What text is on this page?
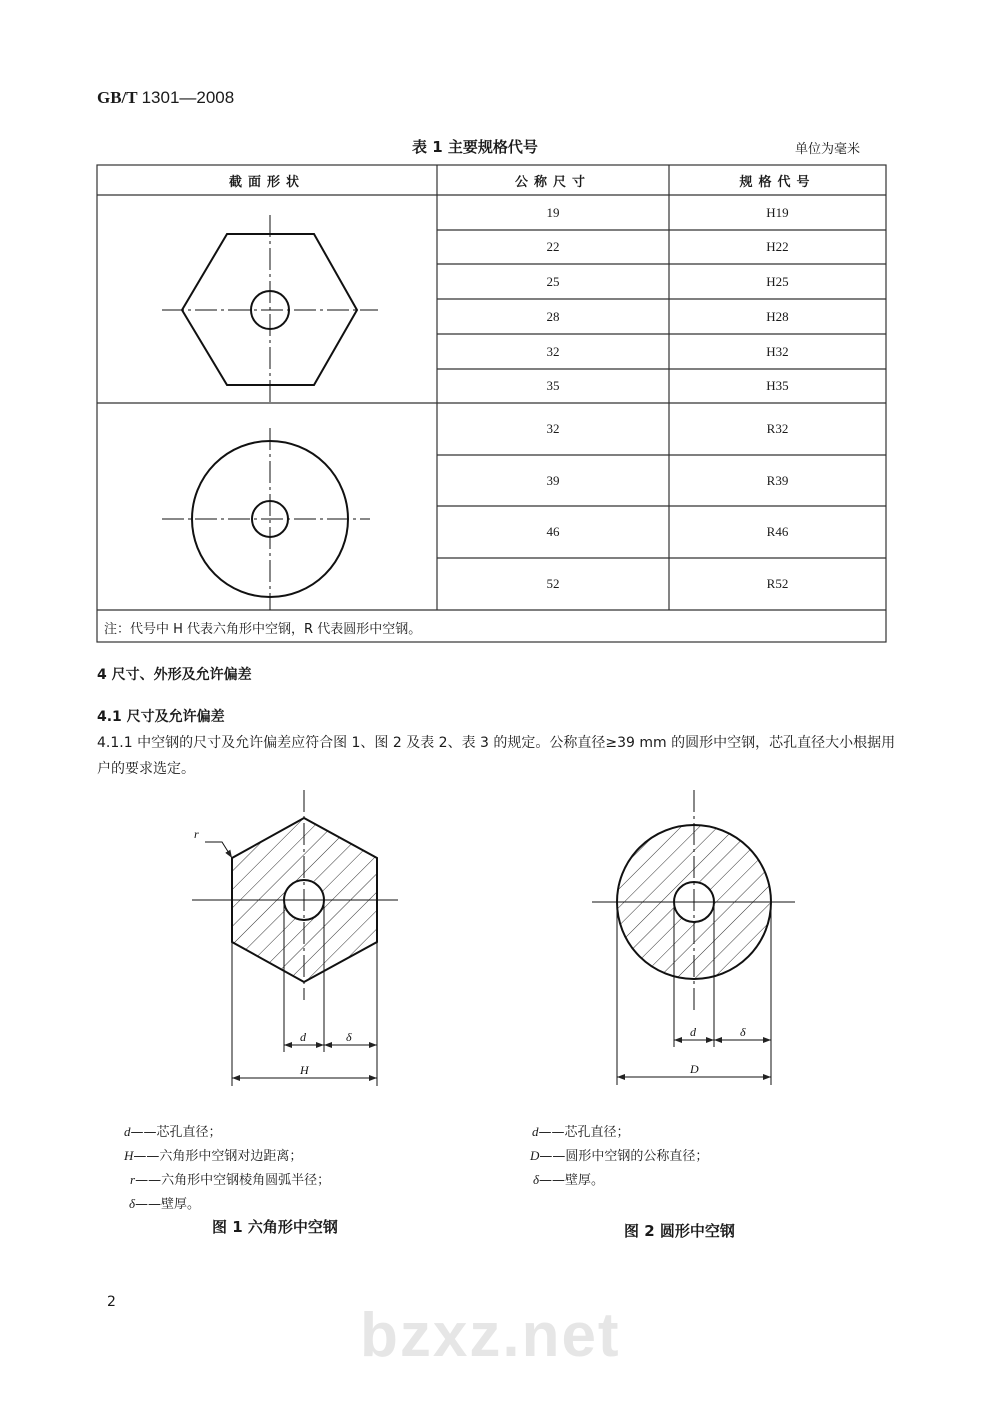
bzxz.net
GB/T 1301—2008
表 1 主要规格代号	单位为毫米
r
d	δ
H
d	δ
D
截面形状	公称尺寸	规格代号
19	H19
22	H22
25	H25
28	H28
32	H32
35	H35
32	R32
39	R39
46	R46
52	R52
注：代号中 H 代表六角形中空钢，R 代表圆形中空钢。
4 尺寸、外形及允许偏差
4.1 尺寸及允许偏差
4.1.1 中空钢的尺寸及允许偏差应符合图 1、图 2 及表 2、表 3 的规定。公称直径≥39 mm 的圆形中空钢，芯孔直径大小根据用户的要求选定。
d——芯孔直径；
H——六角形中空钢对边距离；
r——六角形中空钢棱角圆弧半径；
δ——壁厚。
图 1 六角形中空钢
d——芯孔直径；
D——圆形中空钢的公称直径；
δ——壁厚。
图 2 圆形中空钢
2
